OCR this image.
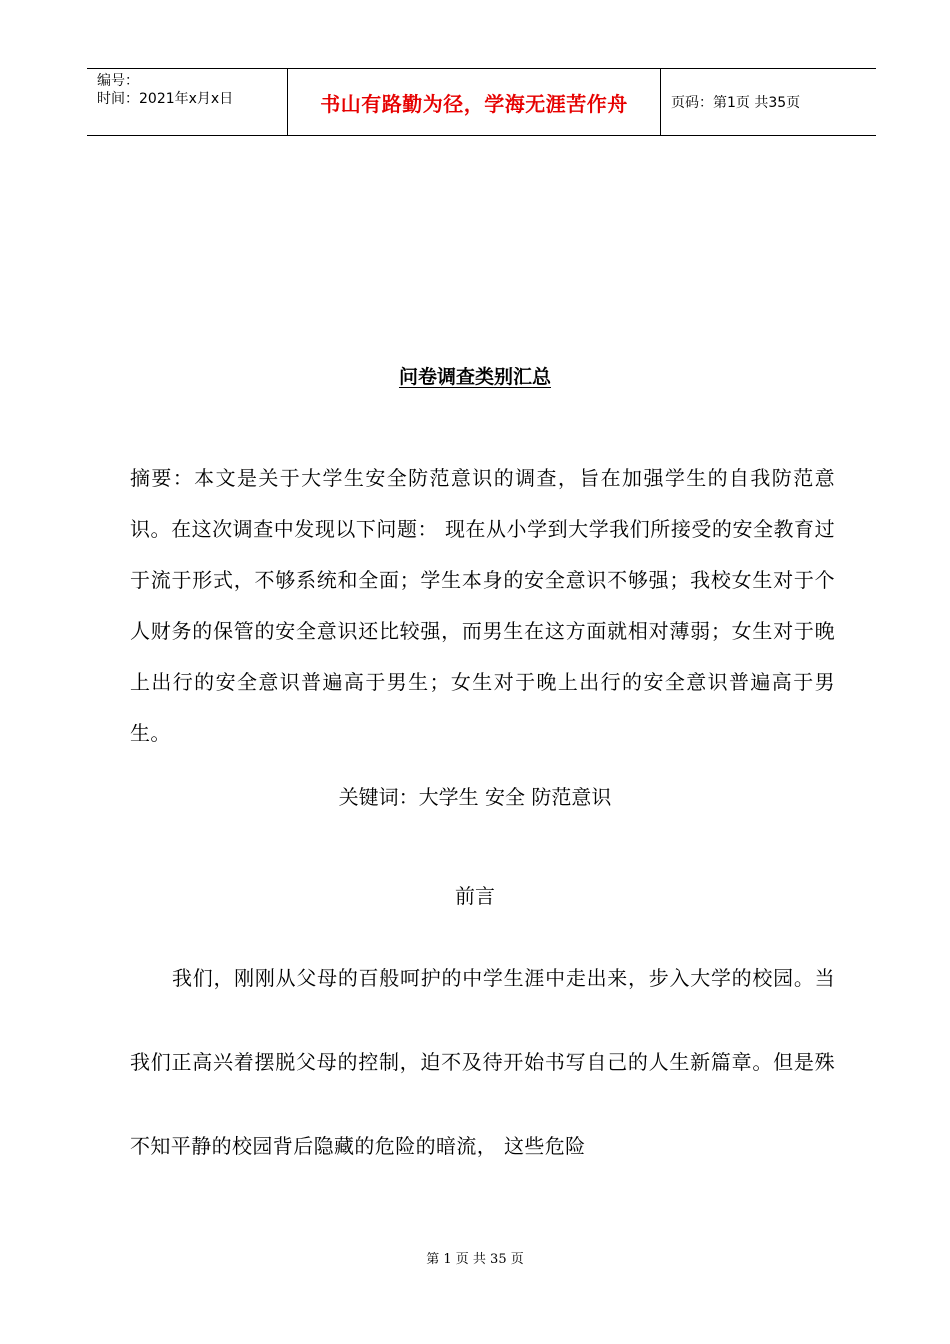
编号：
时间：2021年x月x日	书山有路勤为径，学海无涯苦作舟	页码：第1页 共35页
问卷调查类别汇总
摘要：本文是关于大学生安全防范意识的调查，旨在加强学生的自我防范意识。在这次调查中发现以下问题： 现在从小学到大学我们所接受的安全教育过于流于形式，不够系统和全面；学生本身的安全意识不够强；我校女生对于个人财务的保管的安全意识还比较强，而男生在这方面就相对薄弱；女生对于晚上出行的安全意识普遍高于男生；女生对于晚上出行的安全意识普遍高于男生。
关键词：大学生 安全 防范意识
前言
我们，刚刚从父母的百般呵护的中学生涯中走出来，步入大学的校园。当我们正高兴着摆脱父母的控制，迫不及待开始书写自己的人生新篇章。但是殊不知平静的校园背后隐藏的危险的暗流， 这些危险
第 1 页 共 35 页
